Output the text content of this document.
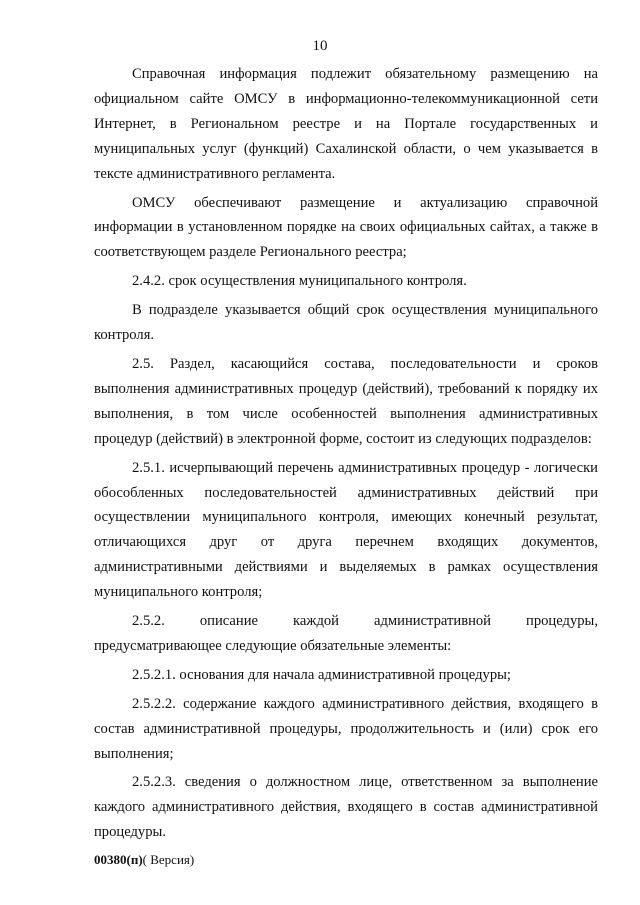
10

Справочная информация подлежит обязательному размещению на официальном сайте ОМСУ в информационно-телекоммуникационной сети Интернет, в Региональном реестре и на Портале государственных и муниципальных услуг (функций) Сахалинской области, о чем указывается в тексте административного регламента.

ОМСУ обеспечивают размещение и актуализацию справочной информации в установленном порядке на своих официальных сайтах, а также в соответствующем разделе Регионального реестра;

2.4.2. срок осуществления муниципального контроля.

В подразделе указывается общий срок осуществления муниципального контроля.

2.5. Раздел, касающийся состава, последовательности и сроков выполнения административных процедур (действий), требований к порядку их выполнения, в том числе особенностей выполнения административных процедур (действий) в электронной форме, состоит из следующих подразделов:

2.5.1. исчерпывающий перечень административных процедур - логически обособленных последовательностей административных действий при осуществлении муниципального контроля, имеющих конечный результат, отличающихся друг от друга перечнем входящих документов, административными действиями и выделяемых в рамках осуществления муниципального контроля;

2.5.2. описание каждой административной процедуры, предусматривающее следующие обязательные элементы:

2.5.2.1. основания для начала административной процедуры;

2.5.2.2. содержание каждого административного действия, входящего в состав административной процедуры, продолжительность и (или) срок его выполнения;

2.5.2.3. сведения о должностном лице, ответственном за выполнение каждого административного действия, входящего в состав административной процедуры.

00380(п)( Версия)
